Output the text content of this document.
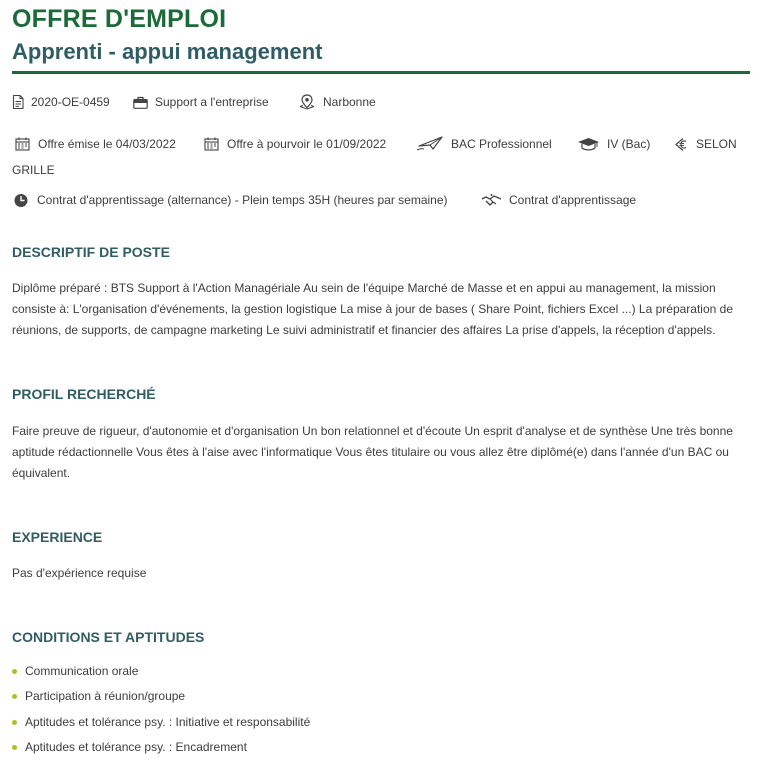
OFFRE D'EMPLOI
Apprenti - appui management
2020-OE-0459	Support a l'entreprise	Narbonne
Offre émise le 04/03/2022	Offre à pourvoir le 01/09/2022	BAC Professionnel	IV (Bac)	SELON
GRILLE
Contrat d'apprentissage (alternance) - Plein temps 35H (heures par semaine)	Contrat d'apprentissage
DESCRIPTIF DE POSTE
Diplôme préparé : BTS Support à l'Action Managériale Au sein de l'équipe Marché de Masse et en appui au management, la mission consiste à: L'organisation d'événements, la gestion logistique La mise à jour de bases ( Share Point, fichiers Excel ...) La préparation de réunions, de supports, de campagne marketing Le suivi administratif et financier des affaires La prise d'appels, la réception d'appels.
PROFIL RECHERCHÉ
Faire preuve de rigueur, d'autonomie et d'organisation Un bon relationnel et d'écoute Un esprit d'analyse et de synthèse Une très bonne aptitude rédactionnelle Vous êtes à l'aise avec l'informatique Vous êtes titulaire ou vous allez être diplômé(e) dans l'année d'un BAC ou équivalent.
EXPERIENCE
Pas d'expérience requise
CONDITIONS ET APTITUDES
Communication orale
Participation à réunion/groupe
Aptitudes et tolérance psy. : Initiative et responsabilité
Aptitudes et tolérance psy. : Encadrement
